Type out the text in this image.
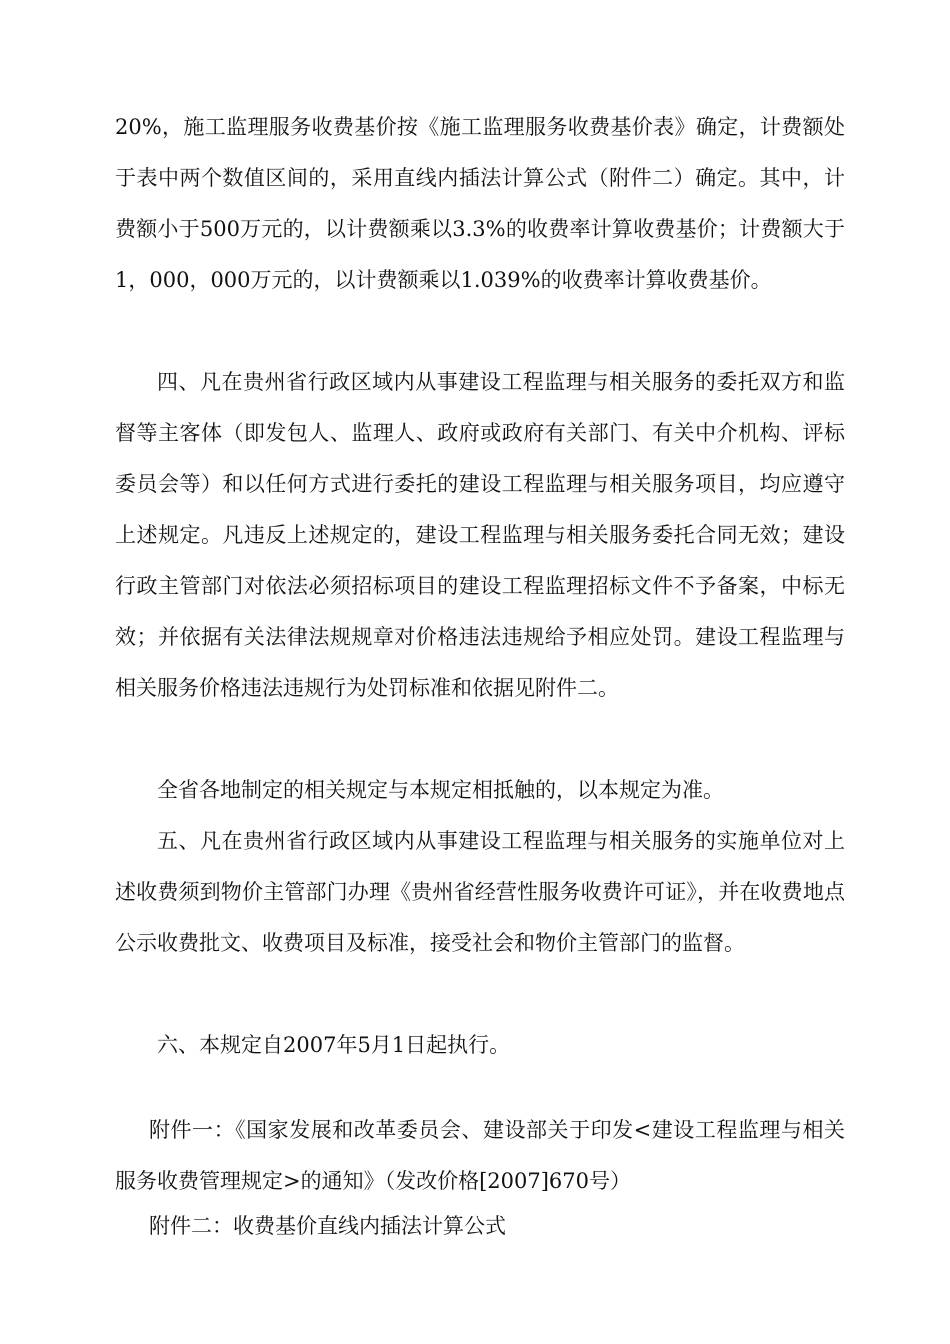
20%，施工监理服务收费基价按《施工监理服务收费基价表》确定，计费额处于表中两个数值区间的，采用直线内插法计算公式（附件二）确定。其中，计费额小于500万元的，以计费额乘以3.3%的收费率计算收费基价；计费额大于1，000，000万元的，以计费额乘以1.039%的收费率计算收费基价。

四、凡在贵州省行政区域内从事建设工程监理与相关服务的委托双方和监督等主客体（即发包人、监理人、政府或政府有关部门、有关中介机构、评标委员会等）和以任何方式进行委托的建设工程监理与相关服务项目，均应遵守上述规定。凡违反上述规定的，建设工程监理与相关服务委托合同无效；建设行政主管部门对依法必须招标项目的建设工程监理招标文件不予备案，中标无效；并依据有关法律法规规章对价格违法违规给予相应处罚。建设工程监理与相关服务价格违法违规行为处罚标准和依据见附件二。

全省各地制定的相关规定与本规定相抵触的，以本规定为准。

五、凡在贵州省行政区域内从事建设工程监理与相关服务的实施单位对上述收费须到物价主管部门办理《贵州省经营性服务收费许可证》，并在收费地点公示收费批文、收费项目及标准，接受社会和物价主管部门的监督。

六、本规定自2007年5月1日起执行。

附件一：《国家发展和改革委员会、建设部关于印发<建设工程监理与相关服务收费管理规定>的通知》（发改价格[2007]670号）

附件二：收费基价直线内插法计算公式
